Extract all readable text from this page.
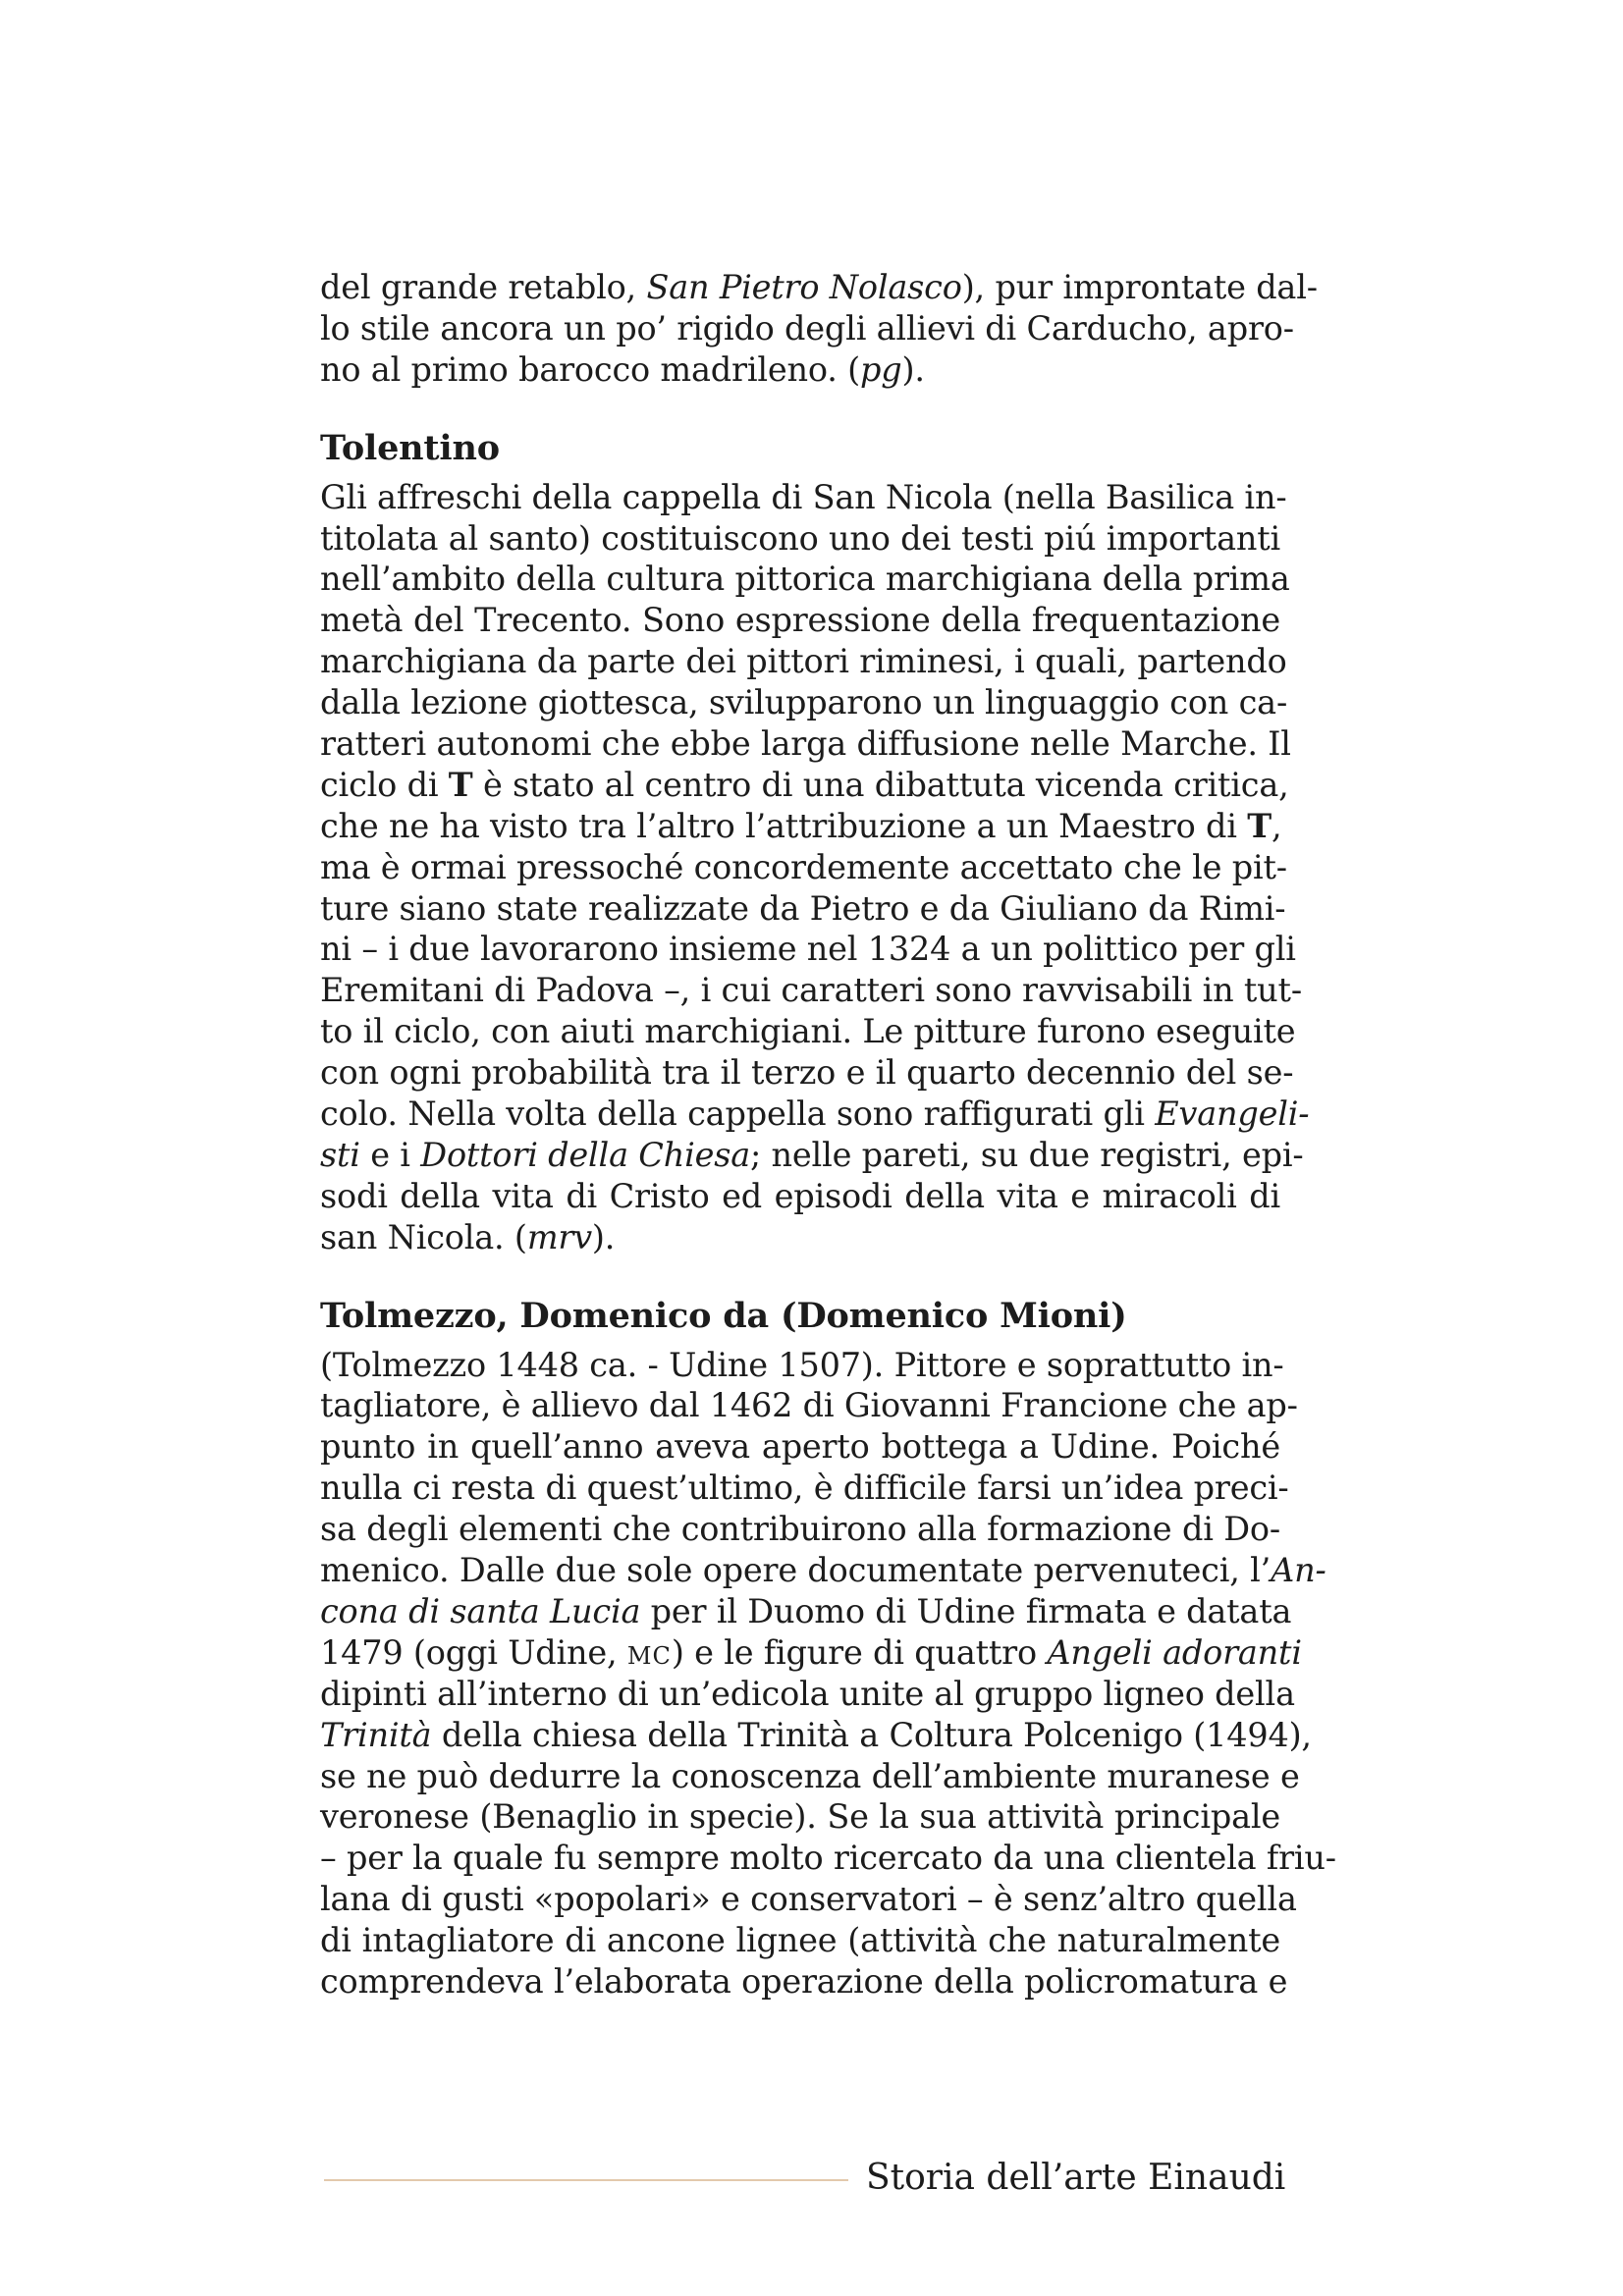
del grande retablo, San Pietro Nolasco), pur improntate dal-
lo stile ancora un po’ rigido degli allievi di Carducho, apro-
no al primo barocco madrileno. (pg).
Tolentino
Gli affreschi della cappella di San Nicola (nella Basilica in-
titolata al santo) costituiscono uno dei testi piú importanti
nell’ambito della cultura pittorica marchigiana della prima
metà del Trecento. Sono espressione della frequentazione
marchigiana da parte dei pittori riminesi, i quali, partendo
dalla lezione giottesca, svilupparono un linguaggio con ca-
ratteri autonomi che ebbe larga diffusione nelle Marche. Il
ciclo di T è stato al centro di una dibattuta vicenda critica,
che ne ha visto tra l’altro l’attribuzione a un Maestro di T,
ma è ormai pressoché concordemente accettato che le pit-
ture siano state realizzate da Pietro e da Giuliano da Rimi-
ni – i due lavorarono insieme nel 1324 a un polittico per gli
Eremitani di Padova –, i cui caratteri sono ravvisabili in tut-
to il ciclo, con aiuti marchigiani. Le pitture furono eseguite
con ogni probabilità tra il terzo e il quarto decennio del se-
colo. Nella volta della cappella sono raffigurati gli Evangeli-
sti e i Dottori della Chiesa; nelle pareti, su due registri, epi-
sodi della vita di Cristo ed episodi della vita e miracoli di
san Nicola. (mrv).
Tolmezzo, Domenico da (Domenico Mioni)
(Tolmezzo 1448 ca. - Udine 1507). Pittore e soprattutto in-
tagliatore, è allievo dal 1462 di Giovanni Francione che ap-
punto in quell’anno aveva aperto bottega a Udine. Poiché
nulla ci resta di quest’ultimo, è difficile farsi un’idea preci-
sa degli elementi che contribuirono alla formazione di Do-
menico. Dalle due sole opere documentate pervenuteci, l’An-
cona di santa Lucia per il Duomo di Udine firmata e datata
1479 (oggi Udine, MC) e le figure di quattro Angeli adoranti
dipinti all’interno di un’edicola unite al gruppo ligneo della
Trinità della chiesa della Trinità a Coltura Polcenigo (1494),
se ne può dedurre la conoscenza dell’ambiente muranese e
veronese (Benaglio in specie). Se la sua attività principale
– per la quale fu sempre molto ricercato da una clientela friu-
lana di gusti «popolari» e conservatori – è senz’altro quella
di intagliatore di ancone lignee (attività che naturalmente
comprendeva l’elaborata operazione della policromatura e
Storia dell’arte Einaudi
